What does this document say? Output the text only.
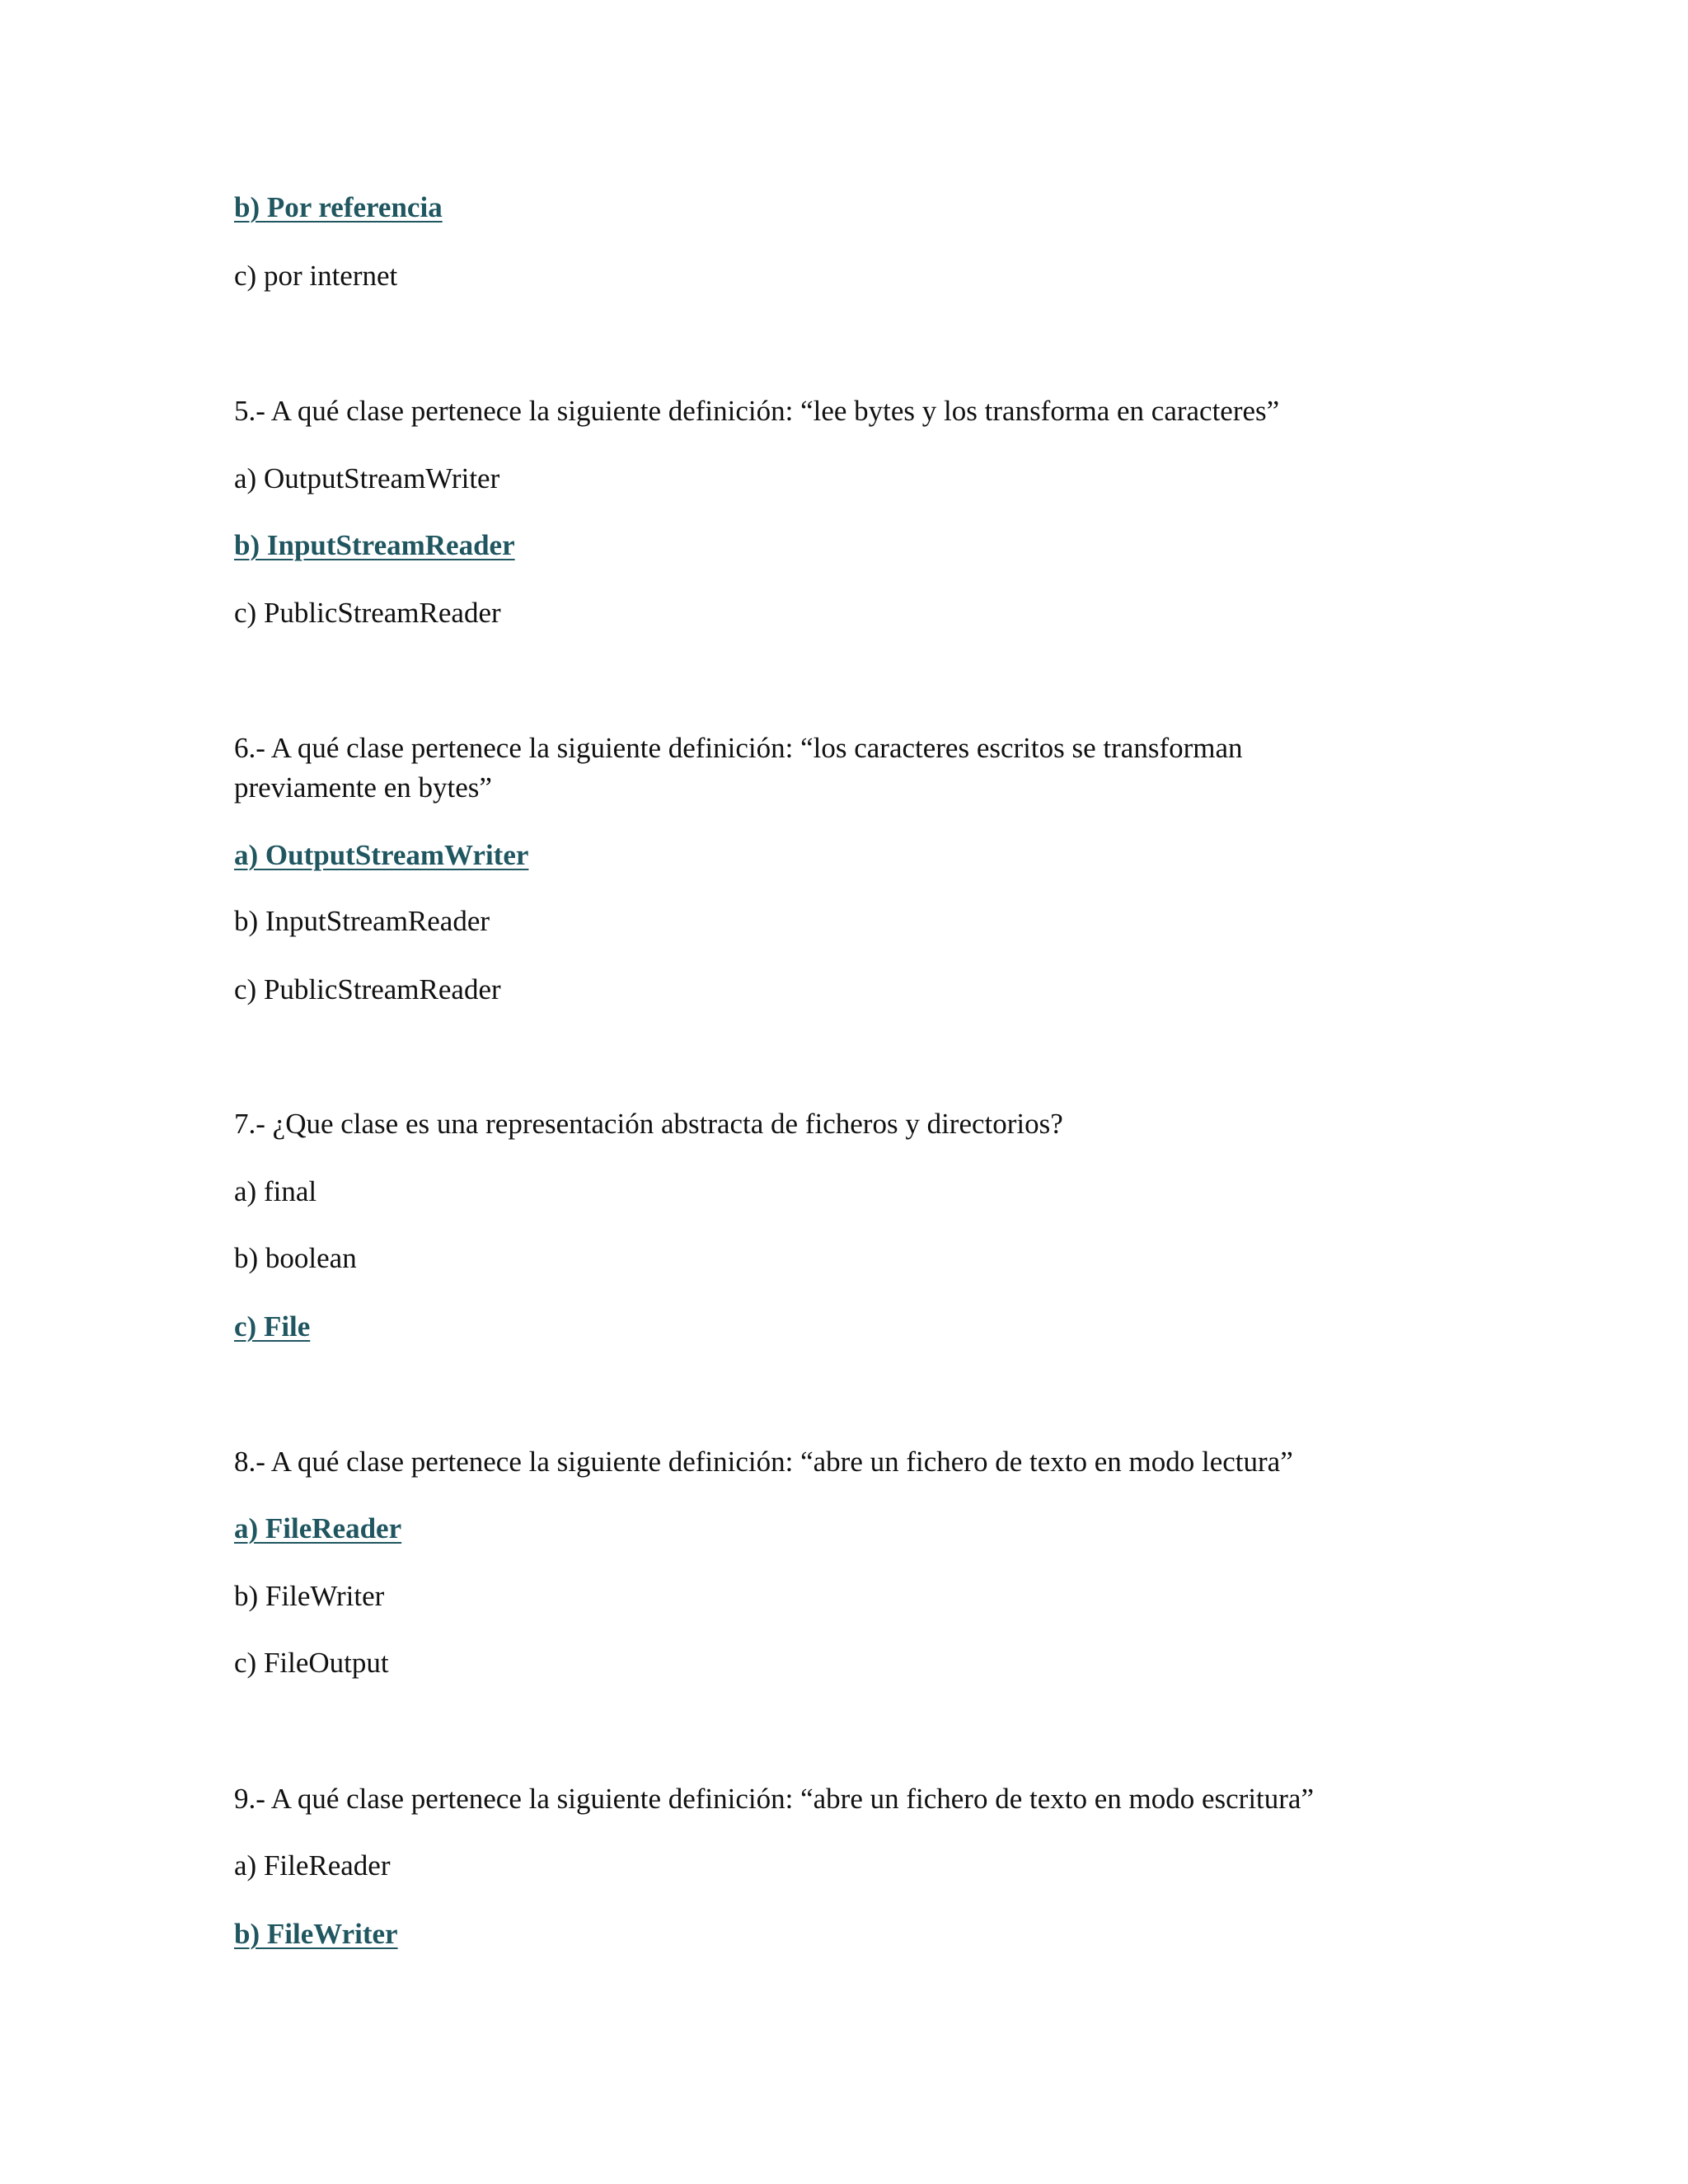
b) Por referencia

c) por internet

5.- A qué clase pertenece la siguiente definición: “lee bytes y los transforma en caracteres”

a) OutputStreamWriter

b) InputStreamReader

c) PublicStreamReader

6.- A qué clase pertenece la siguiente definición: “los caracteres escritos se transforman

previamente en bytes”

a) OutputStreamWriter

b) InputStreamReader

c) PublicStreamReader

7.- ¿Que clase es una representación abstracta de ficheros y directorios?

a) final

b) boolean

c) File

8.- A qué clase pertenece la siguiente definición: “abre un fichero de texto en modo lectura”

a) FileReader

b) FileWriter

c) FileOutput

9.- A qué clase pertenece la siguiente definición: “abre un fichero de texto en modo escritura”

a) FileReader

b) FileWriter
